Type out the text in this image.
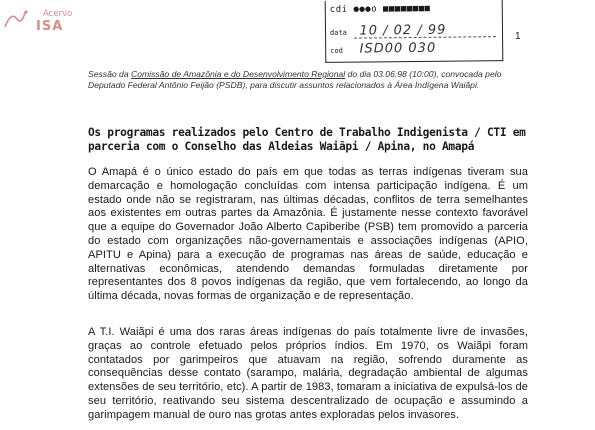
Acervo
ISA
cdi ●●●o ■■■■■■■■
data 10 / 02 / 99
cod ISD00 030
1
Sessão da Comissão de Amazônia e do Desenvolvimento Regional do dia 03.06.98 (10:00), convocada pelo Deputado Federal Antônio Feijão (PSDB), para discutir assuntos relacionados à Área Indígena Waiãpi.
Os programas realizados pelo Centro de Trabalho Indigenista / CTI em parceria com o Conselho das Aldeias Waiãpi / Apina, no Amapá
O Amapá é o único estado do país em que todas as terras indígenas tiveram sua demarcação e homologação concluídas com intensa participação indígena. É um estado onde não se registraram, nas últimas décadas, conflitos de terra semelhantes aos existentes em outras partes da Amazônia. É justamente nesse contexto favorável que a equipe do Governador João Alberto Capiberibe (PSB) tem promovido a parceria do estado com organizações não-governamentais e associações indígenas (APIO, APITU e Apina) para a execução de programas nas áreas de saúde, educação e alternativas econômicas, atendendo demandas formuladas diretamente por representantes dos 8 povos indígenas da região, que vem fortalecendo, ao longo da última década, novas formas de organização e de representação.
A T.I. Waiãpi é uma dos raras áreas indígenas do país totalmente livre de invasões, graças ao controle efetuado pelos próprios índios. Em 1970, os Waiãpi foram contatados por garimpeiros que atuavam na região, sofrendo duramente as consequências desse contato (sarampo, malária, degradação ambiental de algumas extensões de seu território, etc). A partir de 1983, tomaram a iniciativa de expulsá-los de seu território, reativando seu sistema descentralizado de ocupação e assumindo a garimpagem manual de ouro nas grotas antes exploradas pelos invasores.
